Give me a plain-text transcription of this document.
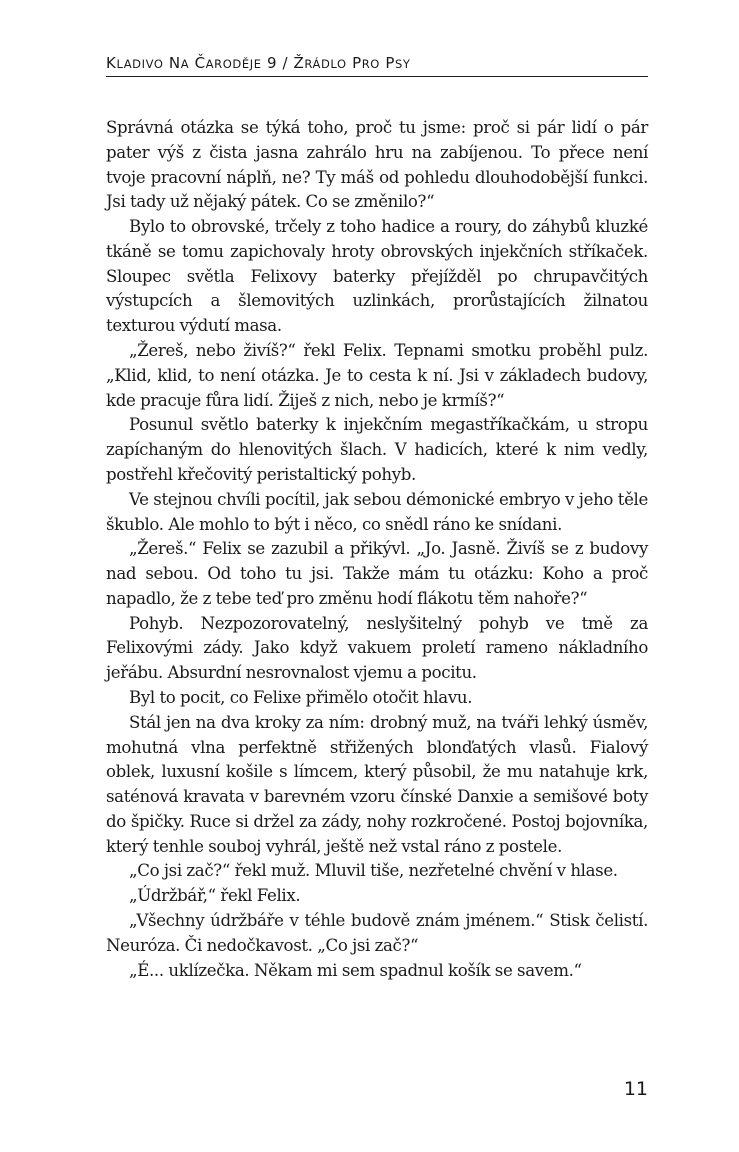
KLADIVO NA ČARODĚJE 9 / ŽRÁDLO PRO PSY

Správná otázka se týká toho, proč tu jsme: proč si pár lidí o pár pater výš z čista jasna zahrálo hru na zabíjenou. To přece není tvoje pracovní náplň, ne? Ty máš od pohledu dlouhodobější funkci. Jsi tady už nějaký pátek. Co se změnilo?“

Bylo to obrovské, trčely z toho hadice a roury, do záhybů kluzké tkáně se tomu zapichovaly hroty obrovských injekčních stříkaček. Sloupec světla Felixovy baterky přejížděl po chrupavčitých výstupcích a šlemovitých uzlinkách, prorůstajících žilnatou texturou výdutí masa.

„Žereš, nebo živíš?“ řekl Felix. Tepnami smotku proběhl pulz. „Klid, klid, to není otázka. Je to cesta k ní. Jsi v základech budovy, kde pracuje fůra lidí. Žiješ z nich, nebo je krmíš?“

Posunul světlo baterky k injekčním megastříkačkám, u stropu zapíchaným do hlenovitých šlach. V hadicích, které k nim vedly, postřehl křečovitý peristaltický pohyb.

Ve stejnou chvíli pocítil, jak sebou démonické embryo v jeho těle škublo. Ale mohlo to být i něco, co snědl ráno ke snídani.

„Žereš.“ Felix se zazubil a přikývl. „Jo. Jasně. Živíš se z budovy nad sebou. Od toho tu jsi. Takže mám tu otázku: Koho a proč napadlo, že z tebe teď pro změnu hodí flákotu těm nahoře?“

Pohyb. Nezpozorovatelný, neslyšitelný pohyb ve tmě za Felixovými zády. Jako když vakuem proletí rameno nákladního jeřábu. Absurdní nesrovnalost vjemu a pocitu.

Byl to pocit, co Felixe přimělo otočit hlavu.

Stál jen na dva kroky za ním: drobný muž, na tváři lehký úsměv, mohutná vlna perfektně střižených blonďatých vlasů. Fialový oblek, luxusní košile s límcem, který působil, že mu natahuje krk, saténová kravata v barevném vzoru čínské Danxie a semišové boty do špičky. Ruce si držel za zády, nohy rozkročené. Postoj bojovníka, který tenhle souboj vyhrál, ještě než vstal ráno z postele.

„Co jsi zač?“ řekl muž. Mluvil tiše, nezřetelné chvění v hlase.

„Údržbář,“ řekl Felix.

„Všechny údržbáře v téhle budově znám jménem.“ Stisk čelistí. Neuróza. Či nedočkavost. „Co jsi zač?“

„É... uklízečka. Někam mi sem spadnul košík se savem.“

11
